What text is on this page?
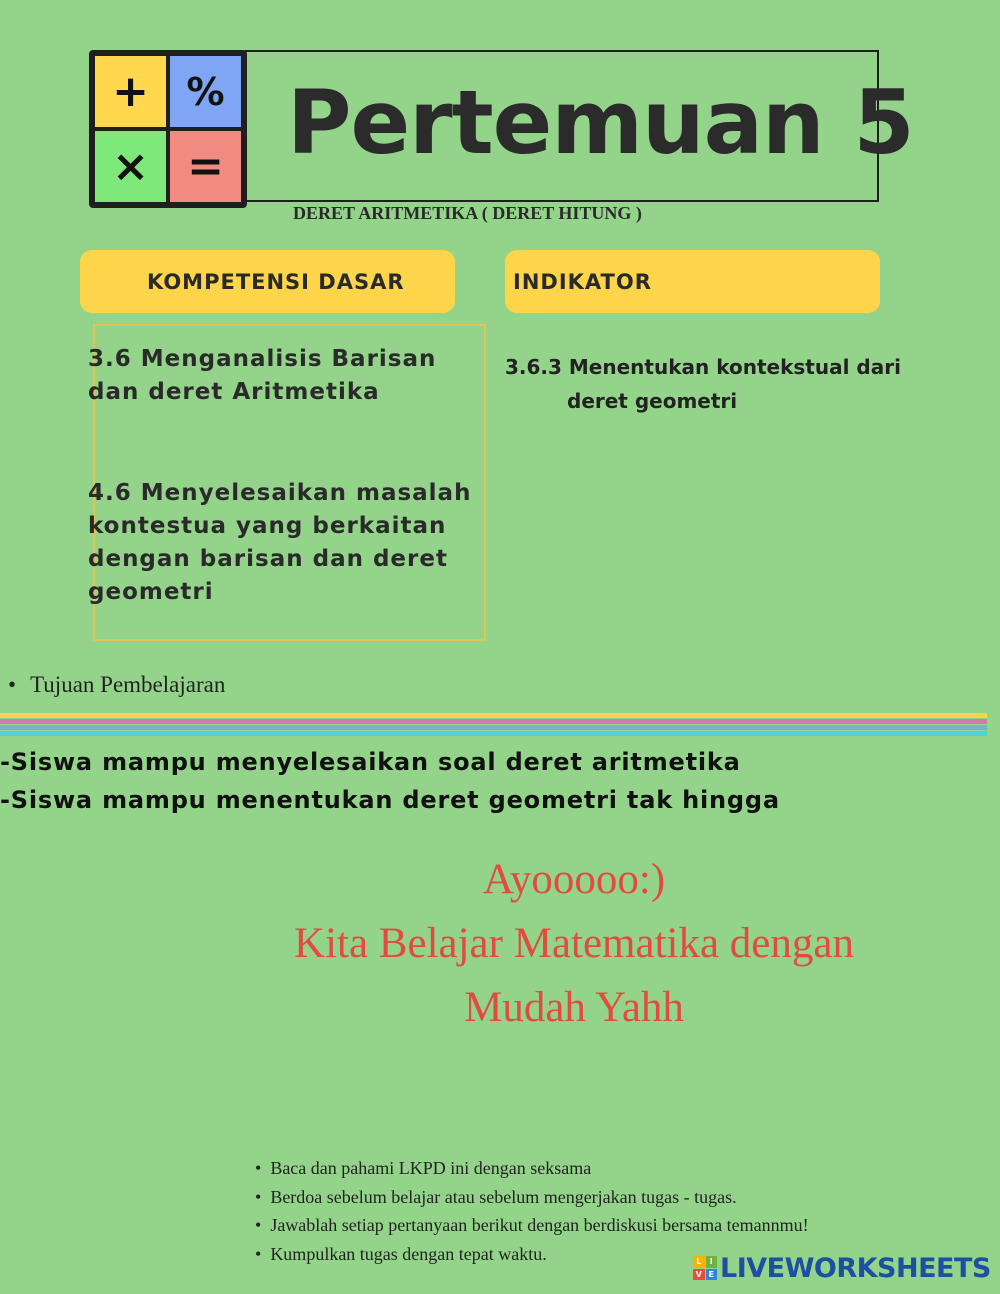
+ %
× = Pertemuan 5
DERET ARITMETIKA ( DERET HITUNG )
KOMPETENSI DASAR	INDIKATOR

3.6 Menganalisis Barisan dan deret Aritmetika

4.6 Menyelesaikan masalah kontestua yang berkaitan dengan barisan dan deret geometri

3.6.3 Menentukan kontekstual dari deret geometri

• Tujuan Pembelajaran

-Siswa mampu menyelesaikan soal deret aritmetika

-Siswa mampu menentukan deret geometri tak hingga

Ayooooo:)
Kita Belajar Matematika dengan
Mudah Yahh
• Baca dan pahami LKPD ini dengan seksama
• Berdoa sebelum belajar atau sebelum mengerjakan tugas - tugas.
• Jawablah setiap pertanyaan berikut dengan berdiskusi bersama temannmu!
• Kumpulkan tugas dengan tepat waktu.	L	I
V E LIVEWORKSHEETS
